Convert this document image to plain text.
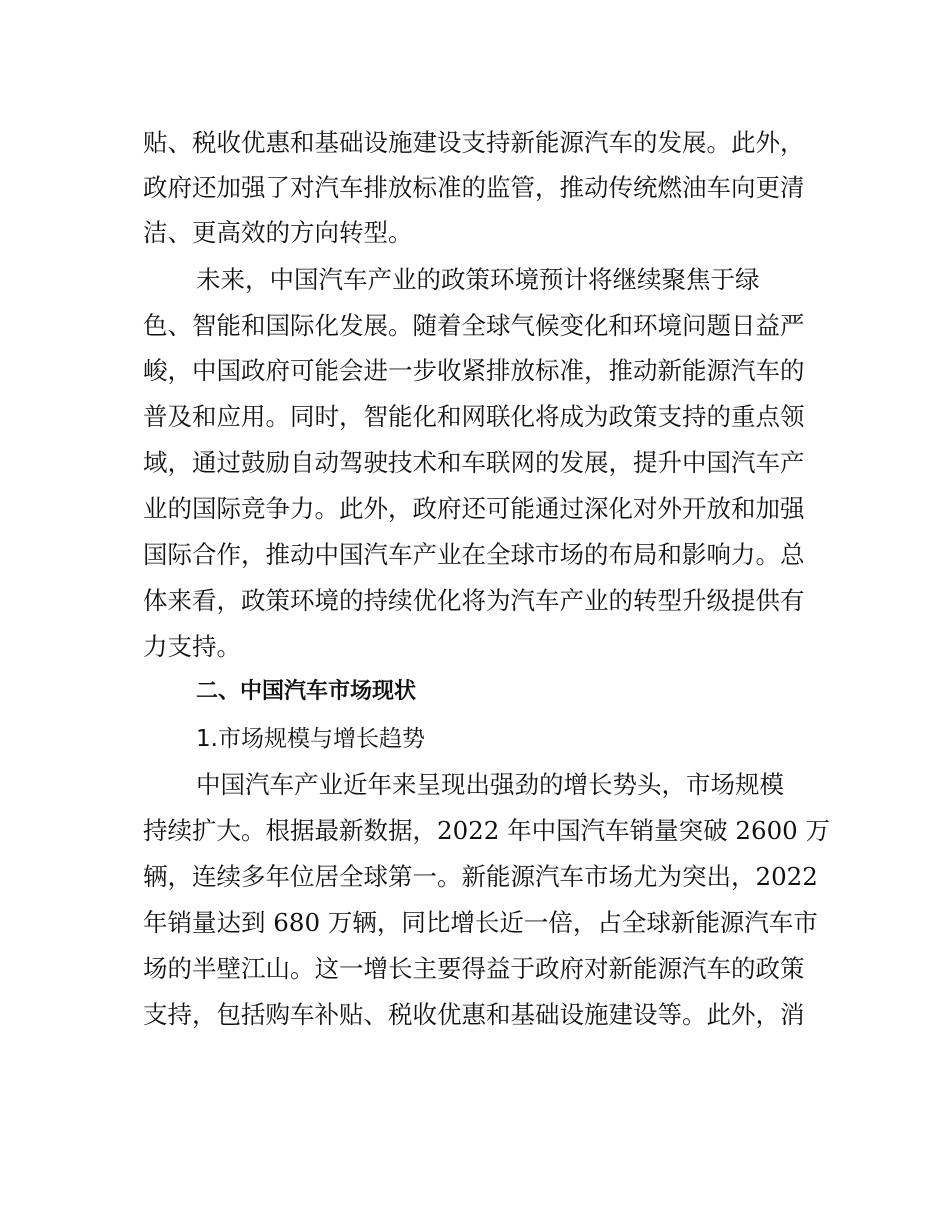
贴、税收优惠和基础设施建设支持新能源汽车的发展。此外，
政府还加强了对汽车排放标准的监管，推动传统燃油车向更清
洁、更高效的方向转型。
未来，中国汽车产业的政策环境预计将继续聚焦于绿
色、智能和国际化发展。随着全球气候变化和环境问题日益严
峻，中国政府可能会进一步收紧排放标准，推动新能源汽车的
普及和应用。同时，智能化和网联化将成为政策支持的重点领
域，通过鼓励自动驾驶技术和车联网的发展，提升中国汽车产
业的国际竞争力。此外，政府还可能通过深化对外开放和加强
国际合作，推动中国汽车产业在全球市场的布局和影响力。总
体来看，政策环境的持续优化将为汽车产业的转型升级提供有
力支持。
二、中国汽车市场现状
1.市场规模与增长趋势
中国汽车产业近年来呈现出强劲的增长势头，市场规模
持续扩大。根据最新数据，2022 年中国汽车销量突破 2600 万
辆，连续多年位居全球第一。新能源汽车市场尤为突出，2022
年销量达到 680 万辆，同比增长近一倍，占全球新能源汽车市
场的半壁江山。这一增长主要得益于政府对新能源汽车的政策
支持，包括购车补贴、税收优惠和基础设施建设等。此外，消
